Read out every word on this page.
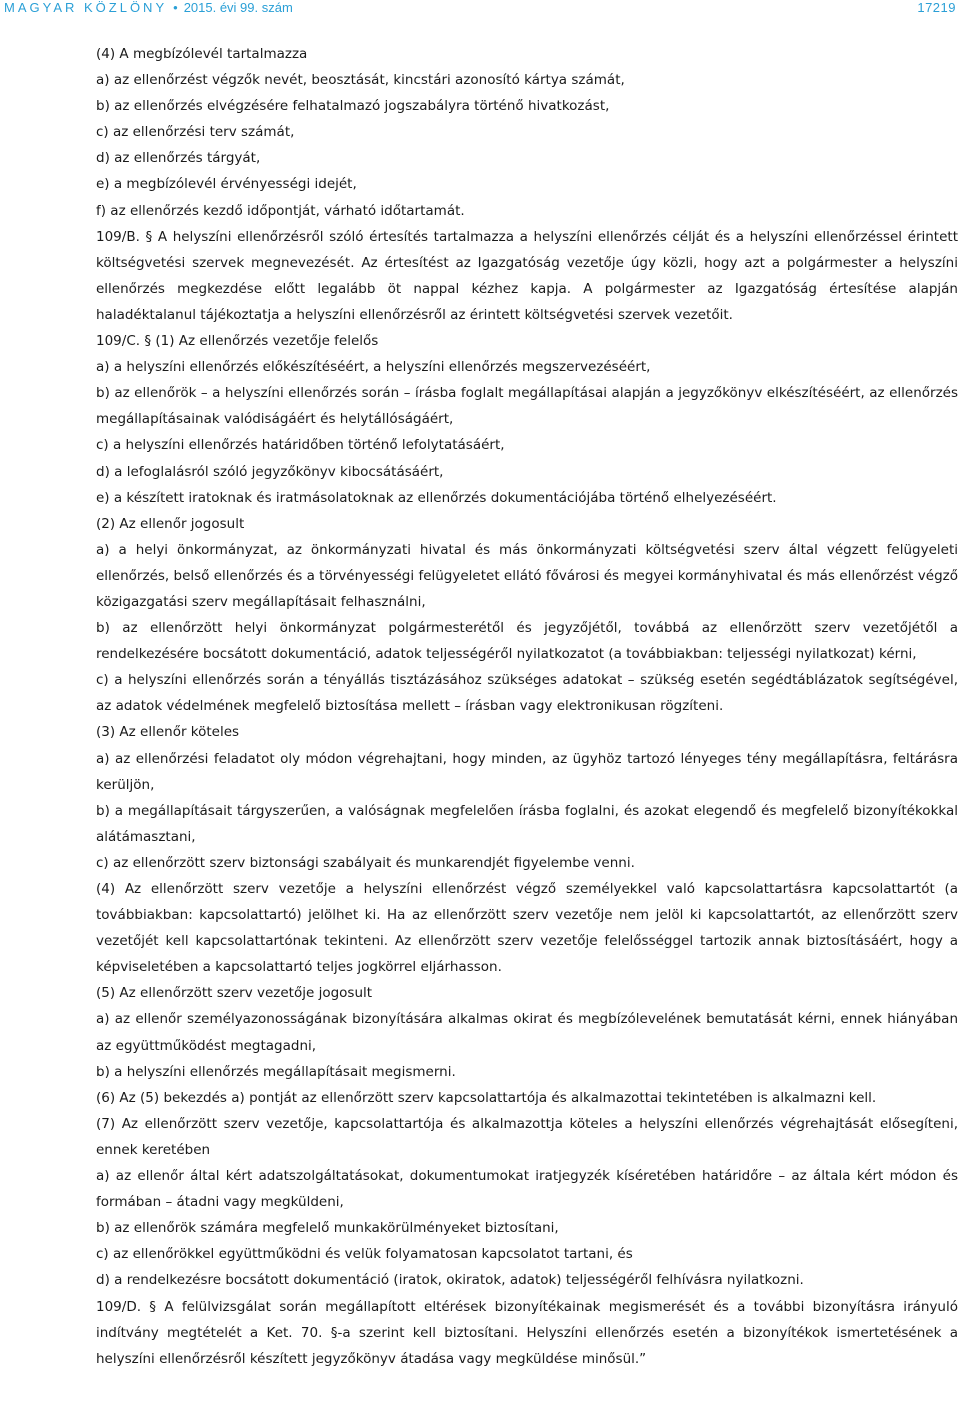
MAGYAR KÖZLÖNY • 2015. évi 99. szám	17219

(4) A megbízólevél tartalmazza

a) az ellenőrzést végzők nevét, beosztását, kincstári azonosító kártya számát,

b) az ellenőrzés elvégzésére felhatalmazó jogszabályra történő hivatkozást,

c) az ellenőrzési terv számát,

d) az ellenőrzés tárgyát,

e) a megbízólevél érvényességi idejét,

f) az ellenőrzés kezdő időpontját, várható időtartamát.

109/B. § A helyszíni ellenőrzésről szóló értesítés tartalmazza a helyszíni ellenőrzés célját és a helyszíni ellenőrzéssel érintett költségvetési szervek megnevezését. Az értesítést az Igazgatóság vezetője úgy közli, hogy azt a polgármester a helyszíni ellenőrzés megkezdése előtt legalább öt nappal kézhez kapja. A polgármester az Igazgatóság értesítése alapján haladéktalanul tájékoztatja a helyszíni ellenőrzésről az érintett költségvetési szervek vezetőit.

109/C. § (1) Az ellenőrzés vezetője felelős

a) a helyszíni ellenőrzés előkészítéséért, a helyszíni ellenőrzés megszervezéséért,

b) az ellenőrök – a helyszíni ellenőrzés során – írásba foglalt megállapításai alapján a jegyzőkönyv elkészítéséért, az ellenőrzés megállapításainak valódiságáért és helytállóságáért,

c) a helyszíni ellenőrzés határidőben történő lefolytatásáért,

d) a lefoglalásról szóló jegyzőkönyv kibocsátásáért,

e) a készített iratoknak és iratmásolatoknak az ellenőrzés dokumentációjába történő elhelyezéséért.

(2) Az ellenőr jogosult

a) a helyi önkormányzat, az önkormányzati hivatal és más önkormányzati költségvetési szerv által végzett felügyeleti ellenőrzés, belső ellenőrzés és a törvényességi felügyeletet ellátó fővárosi és megyei kormányhivatal és más ellenőrzést végző közigazgatási szerv megállapításait felhasználni,

b) az ellenőrzött helyi önkormányzat polgármesterétől és jegyzőjétől, továbbá az ellenőrzött szerv vezetőjétől a rendelkezésére bocsátott dokumentáció, adatok teljességéről nyilatkozatot (a továbbiakban: teljességi nyilatkozat) kérni,

c) a helyszíni ellenőrzés során a tényállás tisztázásához szükséges adatokat – szükség esetén segédtáblázatok segítségével, az adatok védelmének megfelelő biztosítása mellett – írásban vagy elektronikusan rögzíteni.

(3) Az ellenőr köteles

a) az ellenőrzési feladatot oly módon végrehajtani, hogy minden, az ügyhöz tartozó lényeges tény megállapításra, feltárásra kerüljön,

b) a megállapításait tárgyszerűen, a valóságnak megfelelően írásba foglalni, és azokat elegendő és megfelelő bizonyítékokkal alátámasztani,

c) az ellenőrzött szerv biztonsági szabályait és munkarendjét figyelembe venni.

(4) Az ellenőrzött szerv vezetője a helyszíni ellenőrzést végző személyekkel való kapcsolattartásra kapcsolattartót (a továbbiakban: kapcsolattartó) jelölhet ki. Ha az ellenőrzött szerv vezetője nem jelöl ki kapcsolattartót, az ellenőrzött szerv vezetőjét kell kapcsolattartónak tekinteni. Az ellenőrzött szerv vezetője felelősséggel tartozik annak biztosításáért, hogy a képviseletében a kapcsolattartó teljes jogkörrel eljárhasson.

(5) Az ellenőrzött szerv vezetője jogosult

a) az ellenőr személyazonosságának bizonyítására alkalmas okirat és megbízólevelének bemutatását kérni, ennek hiányában az együttműködést megtagadni,

b) a helyszíni ellenőrzés megállapításait megismerni.

(6) Az (5) bekezdés a) pontját az ellenőrzött szerv kapcsolattartója és alkalmazottai tekintetében is alkalmazni kell.

(7) Az ellenőrzött szerv vezetője, kapcsolattartója és alkalmazottja köteles a helyszíni ellenőrzés végrehajtását elősegíteni, ennek keretében

a) az ellenőr által kért adatszolgáltatásokat, dokumentumokat iratjegyzék kíséretében határidőre – az általa kért módon és formában – átadni vagy megküldeni,

b) az ellenőrök számára megfelelő munkakörülményeket biztosítani,

c) az ellenőrökkel együttműködni és velük folyamatosan kapcsolatot tartani, és

d) a rendelkezésre bocsátott dokumentáció (iratok, okiratok, adatok) teljességéről felhívásra nyilatkozni.

109/D. § A felülvizsgálat során megállapított eltérések bizonyítékainak megismerését és a további bizonyításra irányuló indítvány megtételét a Ket. 70. §-a szerint kell biztosítani. Helyszíni ellenőrzés esetén a bizonyítékok ismertetésének a helyszíni ellenőrzésről készített jegyzőkönyv átadása vagy megküldése minősül.”
